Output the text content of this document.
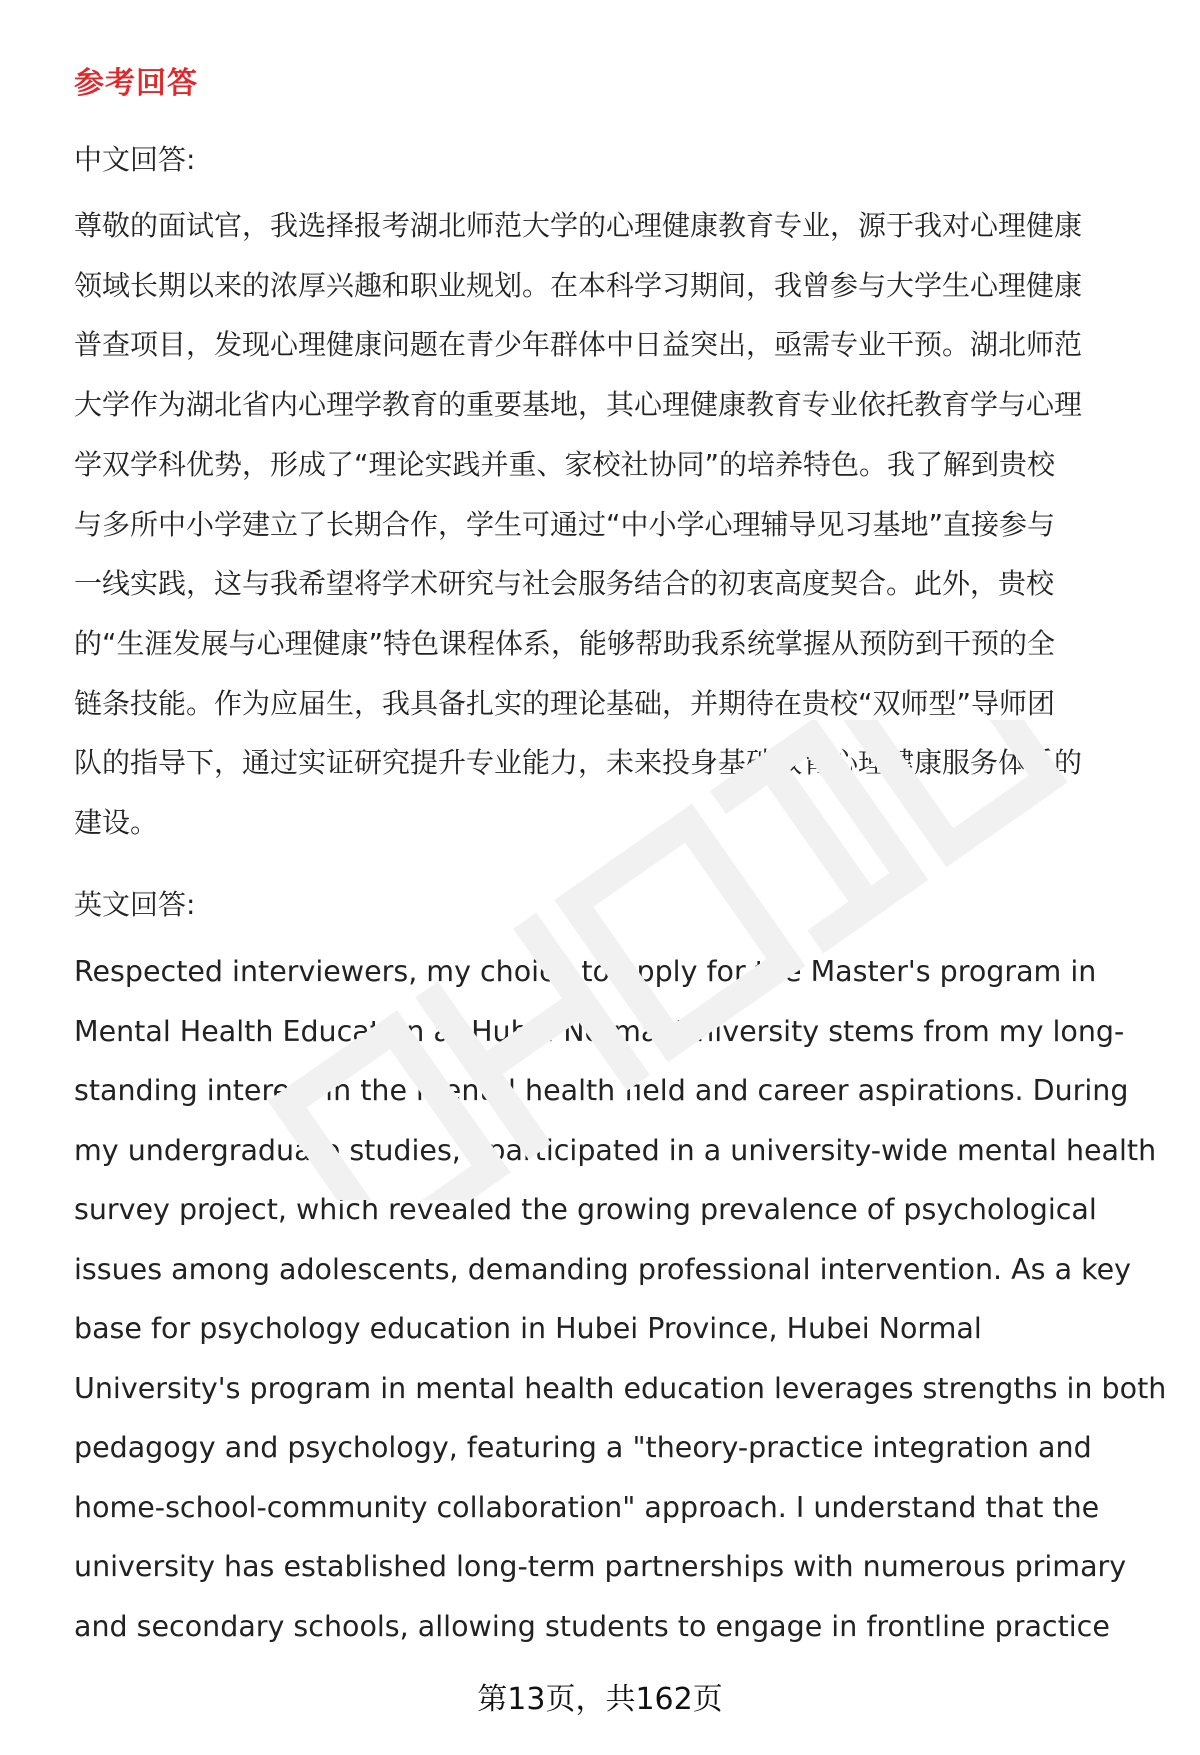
参考回答
中文回答:
尊敬的面试官，我选择报考湖北师范大学的心理健康教育专业，源于我对心理健康
领域长期以来的浓厚兴趣和职业规划。在本科学习期间，我曾参与大学生心理健康
普查项目，发现心理健康问题在青少年群体中日益突出，亟需专业干预。湖北师范
大学作为湖北省内心理学教育的重要基地，其心理健康教育专业依托教育学与心理
学双学科优势，形成了“理论实践并重、家校社协同”的培养特色。我了解到贵校
与多所中小学建立了长期合作，学生可通过“中小学心理辅导见习基地”直接参与
一线实践，这与我希望将学术研究与社会服务结合的初衷高度契合。此外，贵校
的“生涯发展与心理健康”特色课程体系，能够帮助我系统掌握从预防到干预的全
链条技能。作为应届生，我具备扎实的理论基础，并期待在贵校“双师型”导师团
队的指导下，通过实证研究提升专业能力，未来投身基础教育心理健康服务体系的
建设。
英文回答:
Respected interviewers, my choice to apply for the Master's program in
Mental Health Education at Hubei Normal University stems from my long-
standing interest in the mental health field and career aspirations. During
my undergraduate studies, I participated in a university-wide mental health
survey project, which revealed the growing prevalence of psychological
issues among adolescents, demanding professional intervention. As a key
base for psychology education in Hubei Province, Hubei Normal
University's program in mental health education leverages strengths in both
pedagogy and psychology, featuring a "theory-practice integration and
home-school-community collaboration" approach. I understand that the
university has established long-term partnerships with numerous primary
and secondary schools, allowing students to engage in frontline practice
第13页，共162页
